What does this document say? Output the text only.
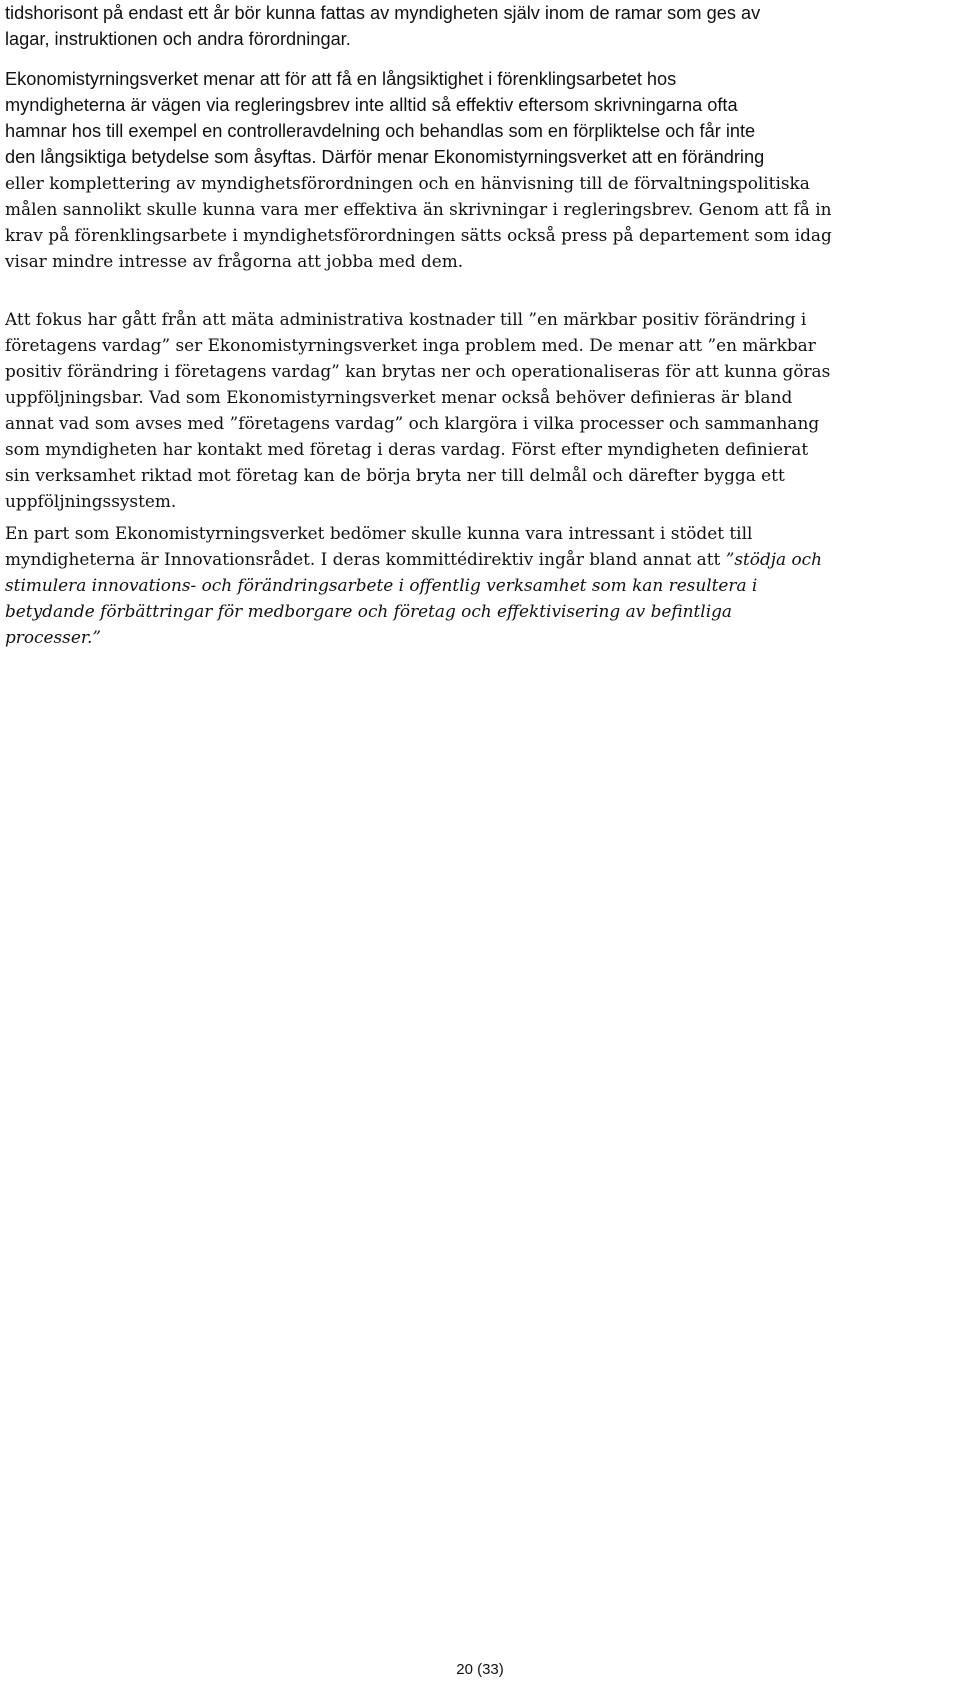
tidshorisont på endast ett år bör kunna fattas av myndigheten själv inom de ramar som ges av
lagar, instruktionen och andra förordningar.

Ekonomistyrningsverket menar att för att få en långsiktighet i förenklingsarbetet hos
myndigheterna är vägen via regleringsbrev inte alltid så effektiv eftersom skrivningarna ofta
hamnar hos till exempel en controlleravdelning och behandlas som en förpliktelse och får inte
den långsiktiga betydelse som åsyftas. Därför menar Ekonomistyrningsverket att en förändring
eller komplettering av myndighetsförordningen och en hänvisning till de förvaltningspolitiska
målen sannolikt skulle kunna vara mer effektiva än skrivningar i regleringsbrev. Genom att få in
krav på förenklingsarbete i myndighetsförordningen sätts också press på departement som idag
visar mindre intresse av frågorna att jobba med dem.

Att fokus har gått från att mäta administrativa kostnader till ”en märkbar positiv förändring i
företagens vardag” ser Ekonomistyrningsverket inga problem med. De menar att ”en märkbar
positiv förändring i företagens vardag” kan brytas ner och operationaliseras för att kunna göras
uppföljningsbar. Vad som Ekonomistyrningsverket menar också behöver definieras är bland
annat vad som avses med ”företagens vardag” och klargöra i vilka processer och sammanhang
som myndigheten har kontakt med företag i deras vardag. Först efter myndigheten definierat
sin verksamhet riktad mot företag kan de börja bryta ner till delmål och därefter bygga ett
uppföljningssystem.

En part som Ekonomistyrningsverket bedömer skulle kunna vara intressant i stödet till
myndigheterna är Innovationsrådet. I deras kommittédirektiv ingår bland annat att ”stödja och
stimulera innovations- och förändringsarbete i offentlig verksamhet som kan resultera i
betydande förbättringar för medborgare och företag och effektivisering av befintliga
processer.”

20 (33)
